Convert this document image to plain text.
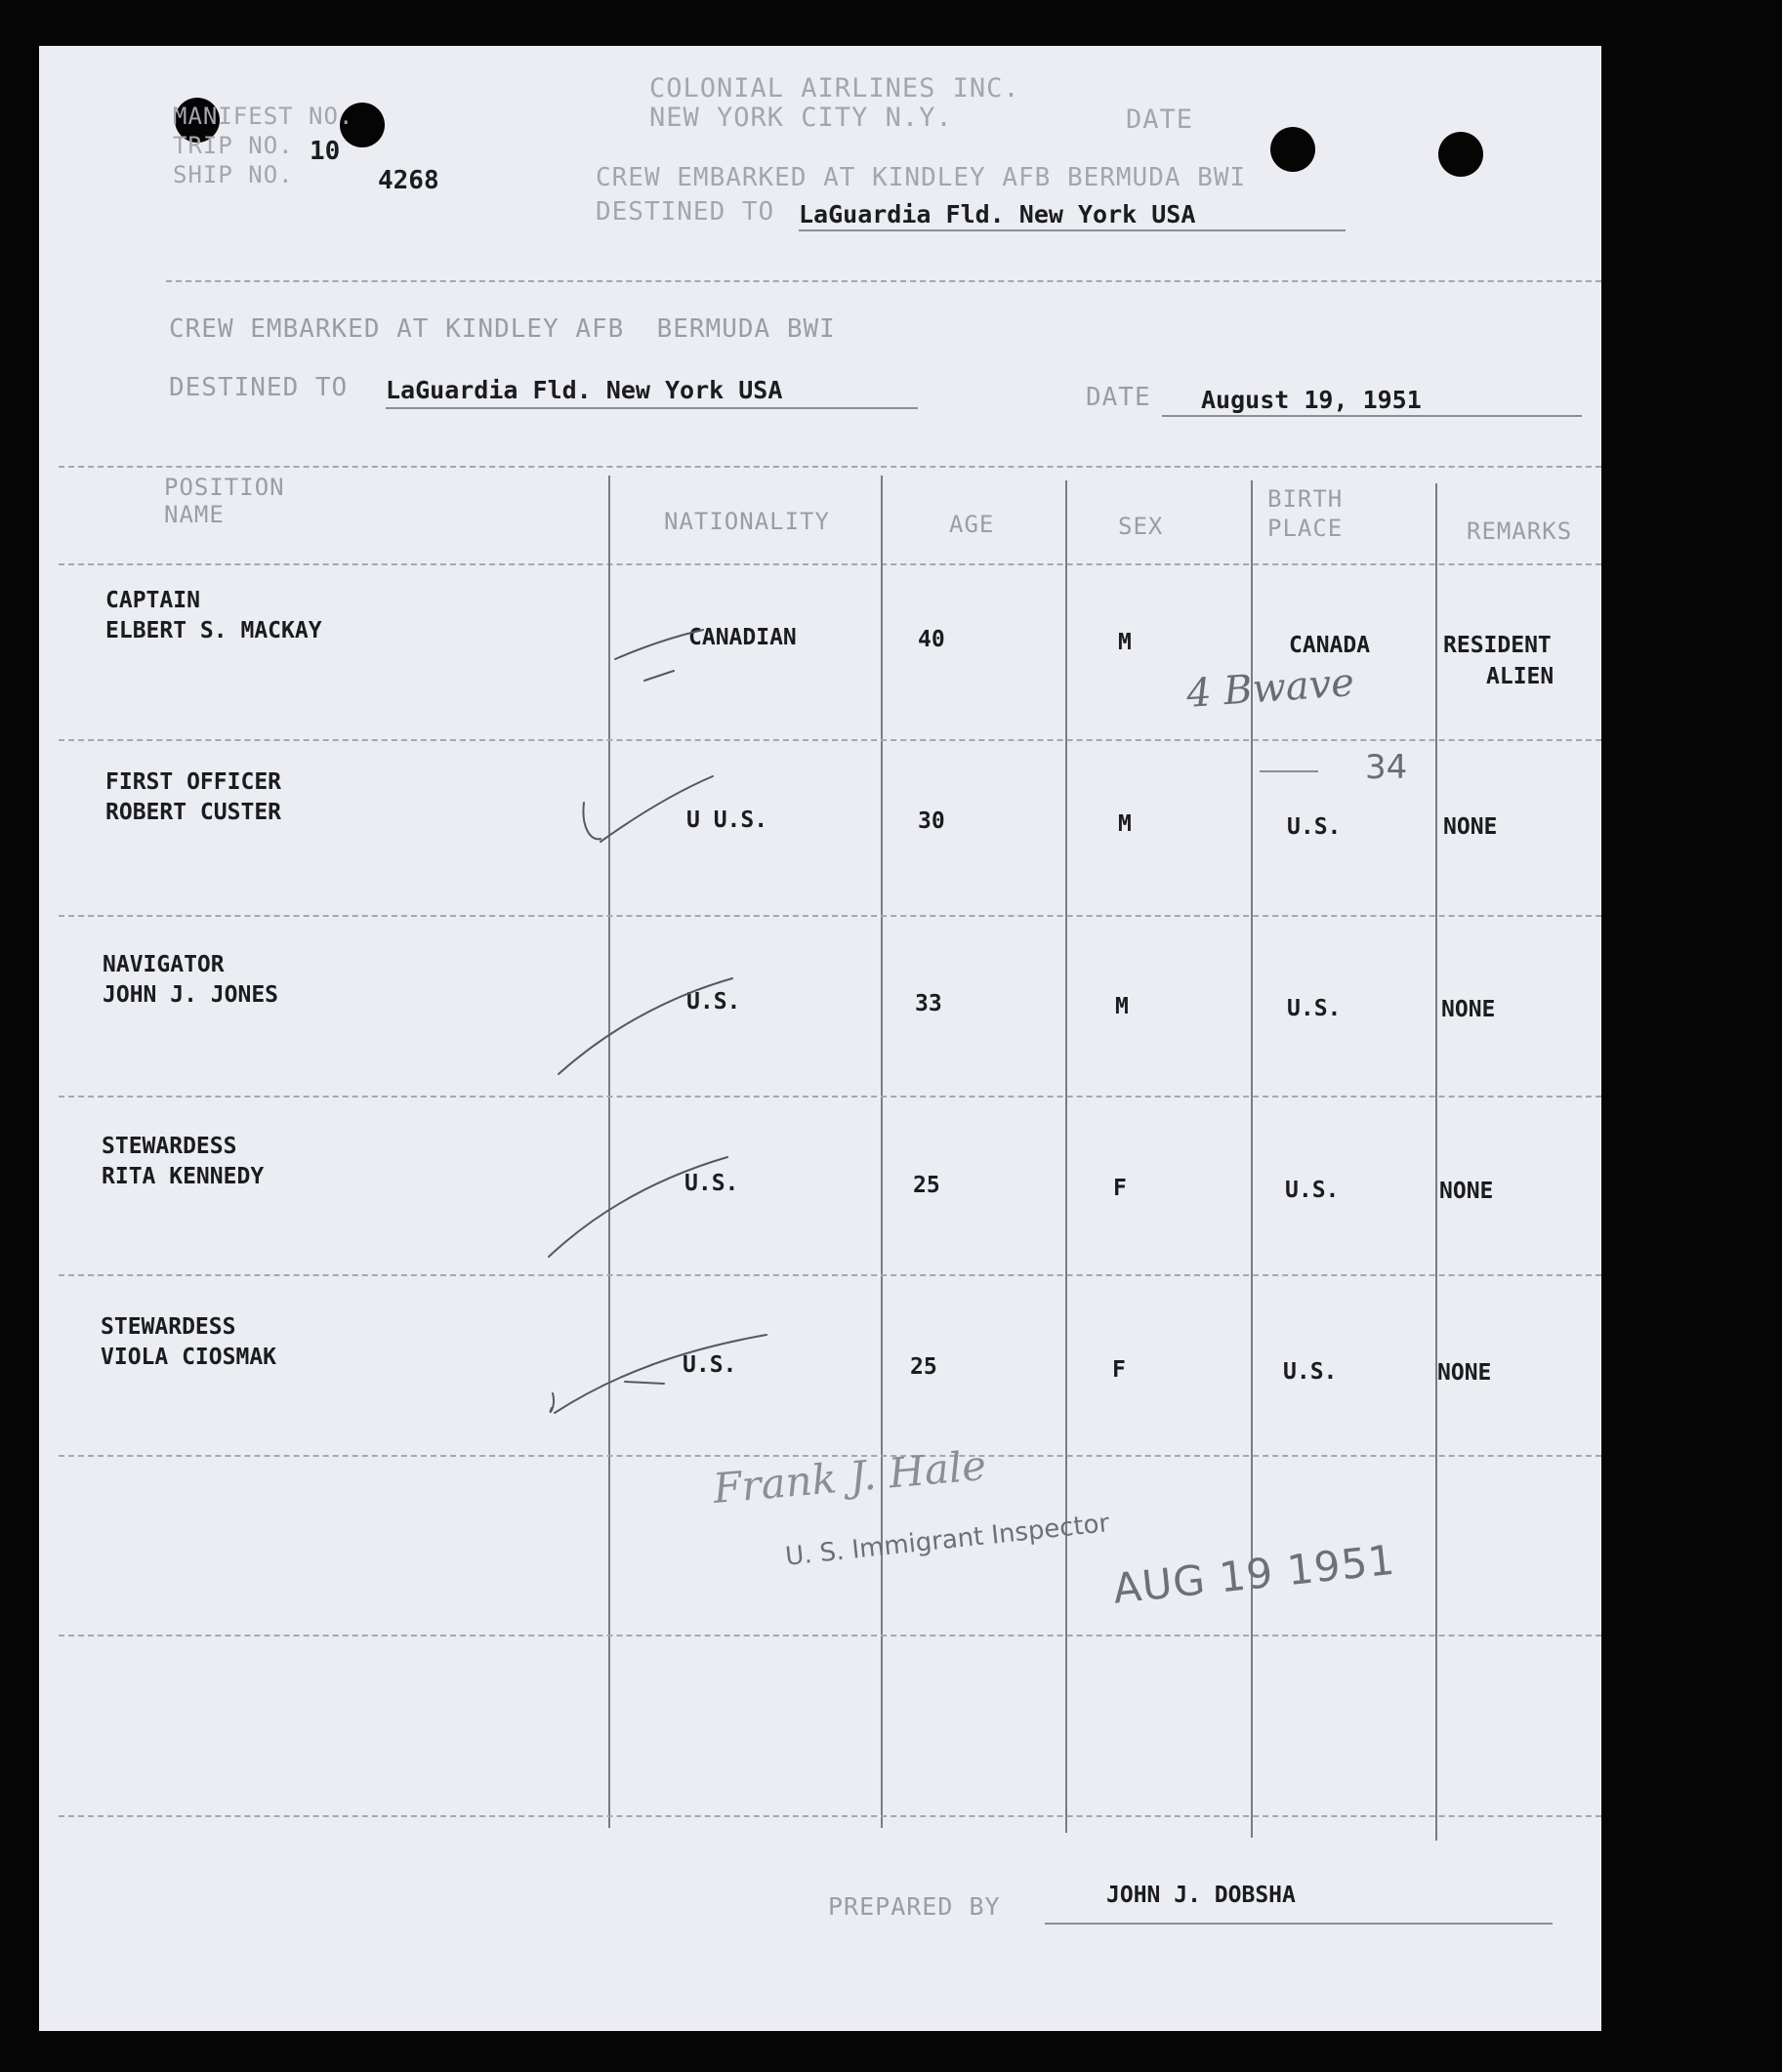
MANIFEST NO.
TRIP NO. 10
SHIP NO.	4268
COLONIAL AIRLINES INC.
NEW YORK CITY N.Y.	DATE
CREW EMBARKED AT KINDLEY AFB BERMUDA BWI
DESTINED TO LaGuardia Fld. New York USA
CREW EMBARKED AT KINDLEY AFB  BERMUDA BWI
DESTINED TO LaGuardia Fld. New York USA	DATE August 19, 1951
POSITION
NAME	NATIONALITY	AGE	SEX
BIRTH
PLACE	REMARKS
CAPTAIN
ELBERT S. MACKAY	CANADIAN	40	M	CANADA	RESIDENT
ALIEN
FIRST OFFICER
ROBERT CUSTER	U U.S.	30	M	U.S.	NONE
NAVIGATOR
JOHN J. JONES	U.S.	33	M	U.S.	NONE
STEWARDESS
RITA KENNEDY	U.S.	25	F	U.S.	NONE
STEWARDESS
VIOLA CIOSMAK	U.S.	25	F	U.S.	NONE
4 Bwave
34
Frank J. Hale
U. S. Immigrant Inspector AUG 19 1951
PREPARED BY	JOHN J. DOBSHA
